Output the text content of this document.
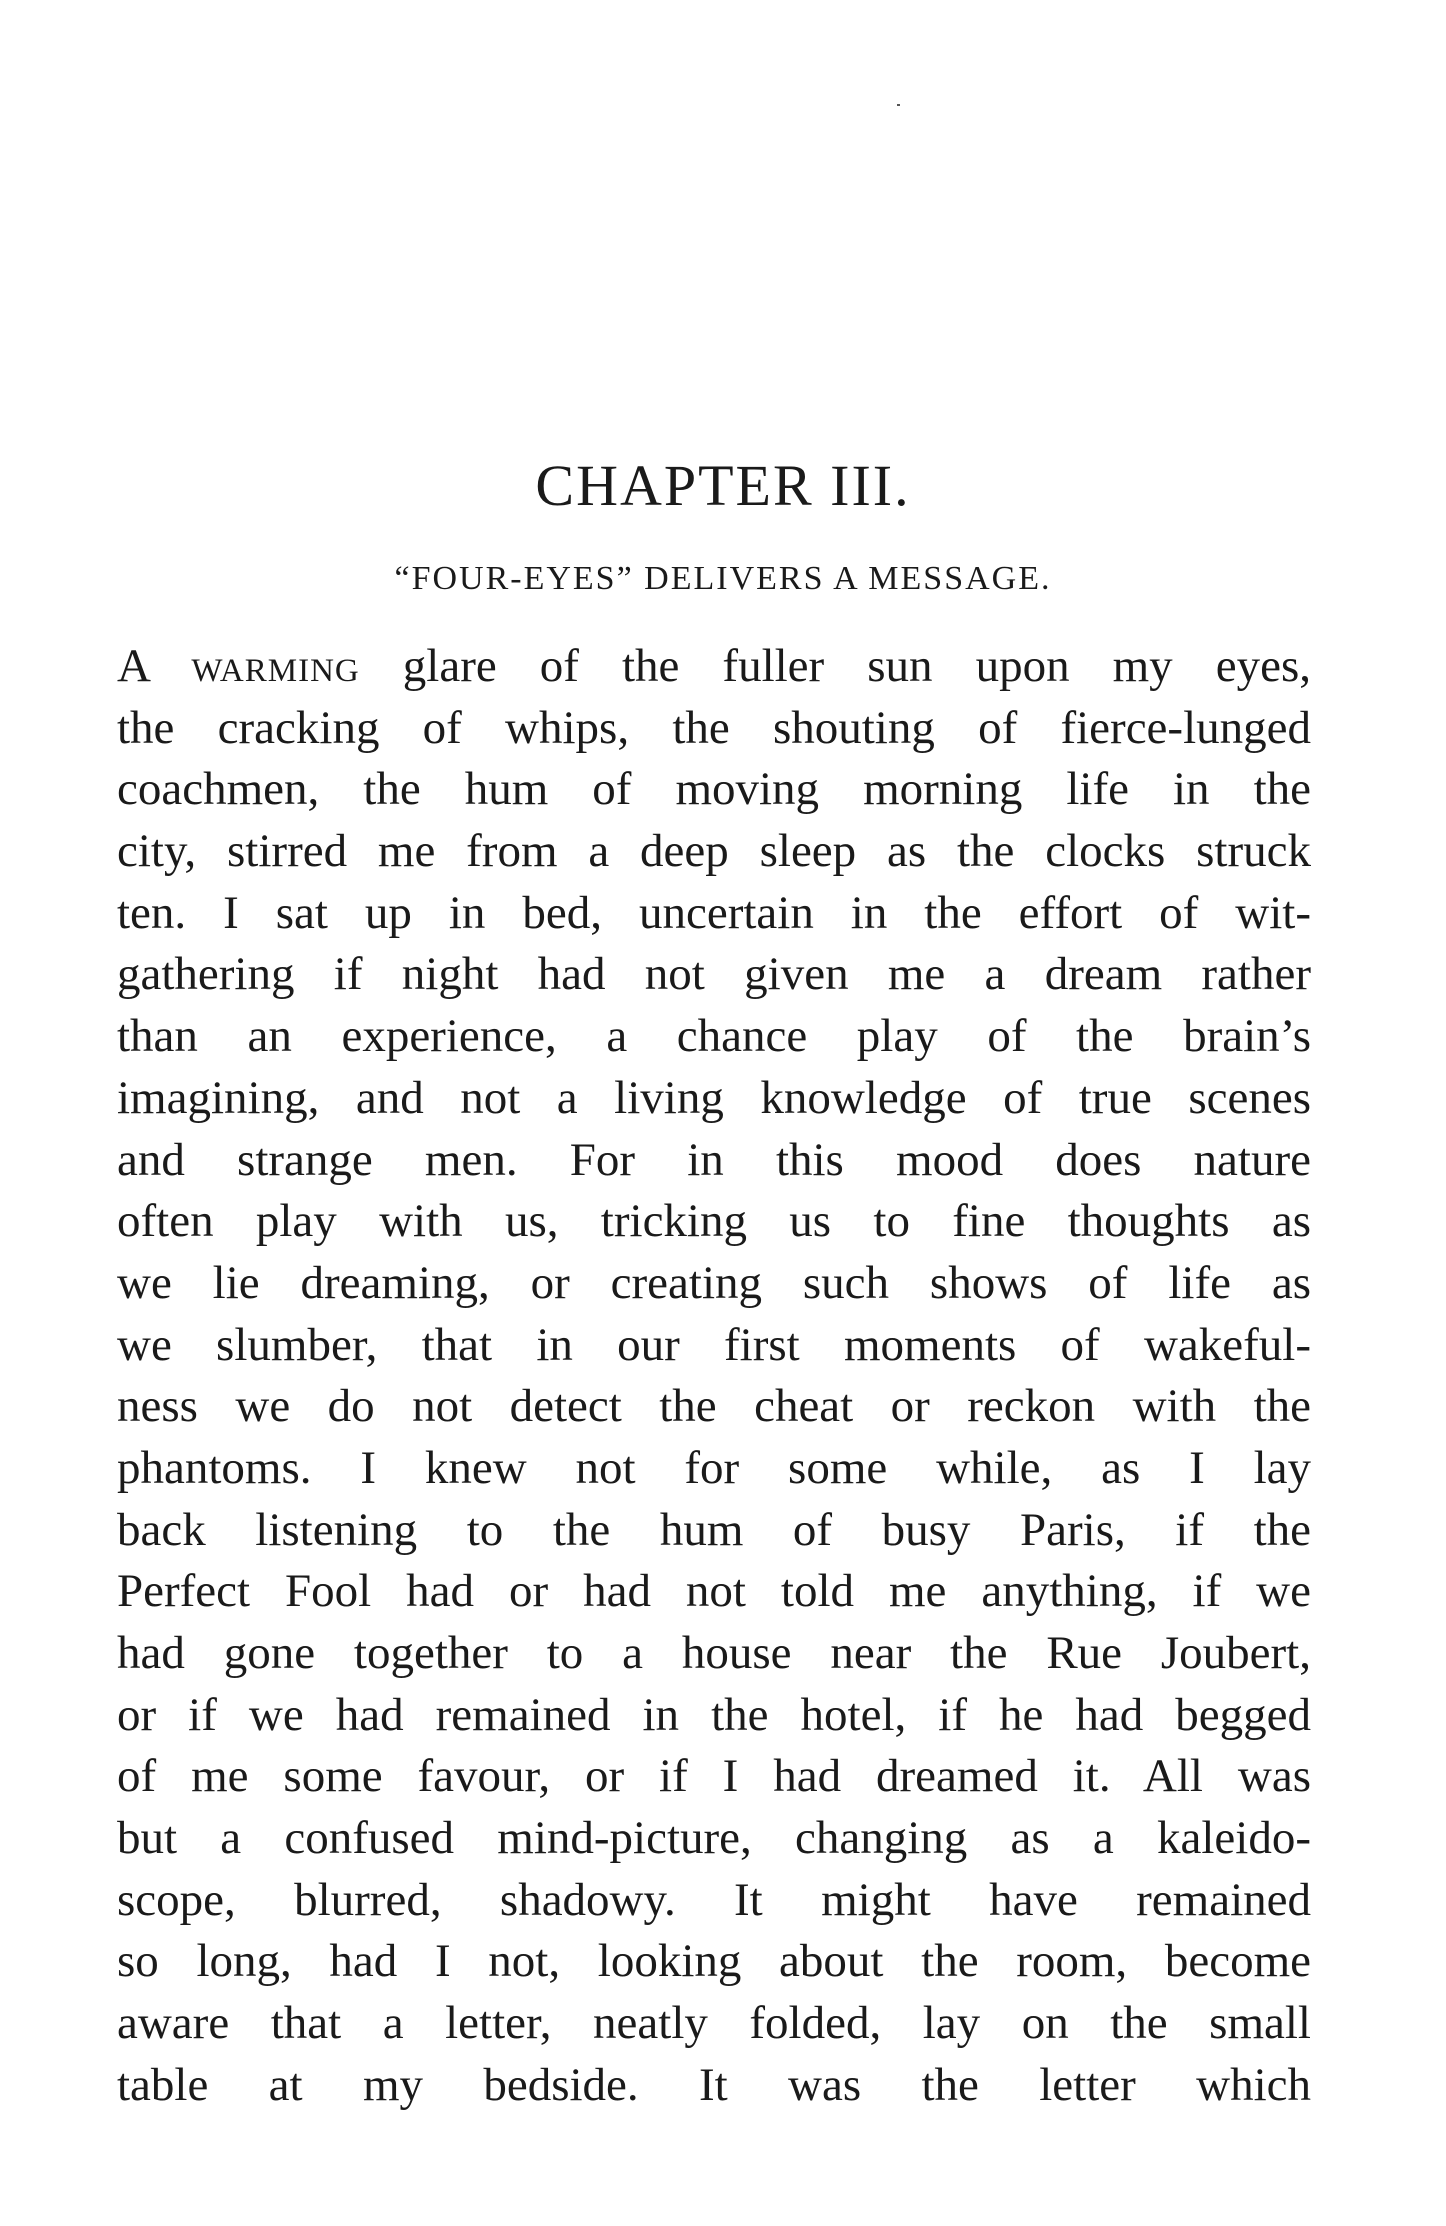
CHAPTER III.
“FOUR-EYES” DELIVERS A MESSAGE.
A warming glare of the fuller sun upon my eyes,
the cracking of whips, the shouting of fierce-lunged
coachmen, the hum of moving morning life in the
city, stirred me from a deep sleep as the clocks struck
ten. I sat up in bed, uncertain in the effort of wit-
gathering if night had not given me a dream rather
than an experience, a chance play of the brain’s
imagining, and not a living knowledge of true scenes
and strange men. For in this mood does nature
often play with us, tricking us to fine thoughts as
we lie dreaming, or creating such shows of life as
we slumber, that in our first moments of wakeful-
ness we do not detect the cheat or reckon with the
phantoms. I knew not for some while, as I lay
back listening to the hum of busy Paris, if the
Perfect Fool had or had not told me anything, if we
had gone together to a house near the Rue Joubert,
or if we had remained in the hotel, if he had begged
of me some favour, or if I had dreamed it. All was
but a confused mind-picture, changing as a kaleido-
scope, blurred, shadowy. It might have remained
so long, had I not, looking about the room, become
aware that a letter, neatly folded, lay on the small
table at my bedside. It was the letter which
